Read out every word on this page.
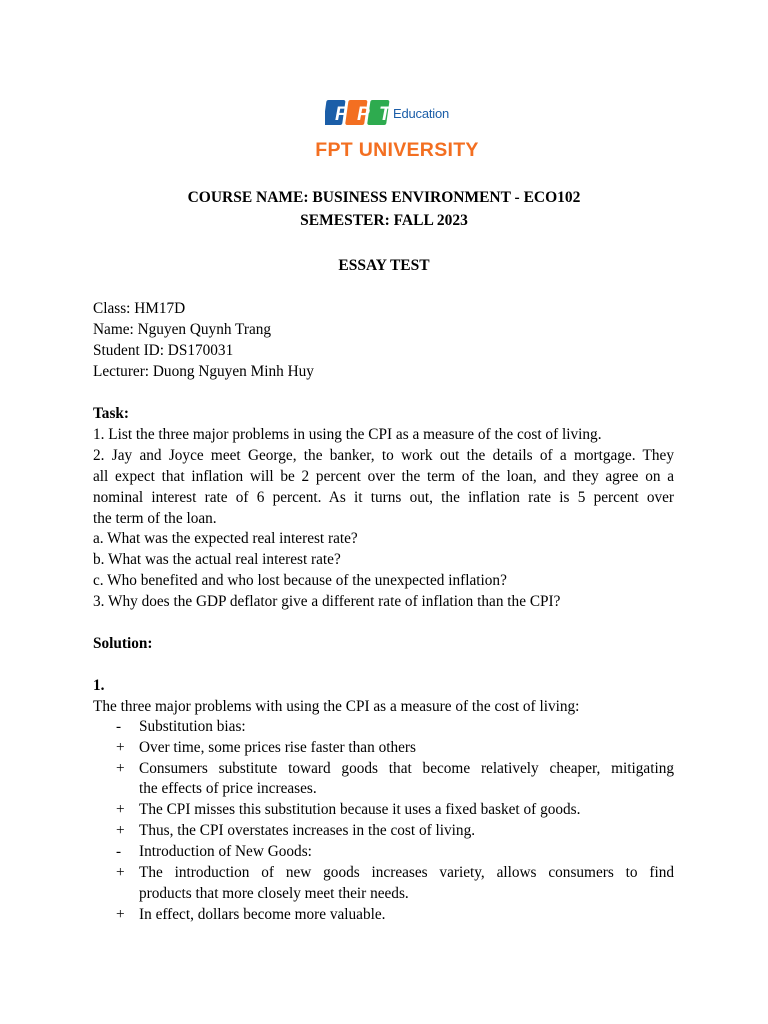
F P T Education
FPT UNIVERSITY
COURSE NAME: BUSINESS ENVIRONMENT - ECO102
SEMESTER: FALL 2023
ESSAY TEST
Class: HM17D
Name: Nguyen Quynh Trang
Student ID: DS170031
Lecturer: Duong Nguyen Minh Huy
Task:
1. List the three major problems in using the CPI as a measure of the cost of living.
2. Jay and Joyce meet George, the banker, to work out the details of a mortgage. They
all expect that inflation will be 2 percent over the term of the loan, and they agree on a
nominal interest rate of 6 percent. As it turns out, the inflation rate is 5 percent over
the term of the loan.
a. What was the expected real interest rate?
b. What was the actual real interest rate?
c. Who benefited and who lost because of the unexpected inflation?
3. Why does the GDP deflator give a different rate of inflation than the CPI?
Solution:
1.
The three major problems with using the CPI as a measure of the cost of living:
- Substitution bias:
+ Over time, some prices rise faster than others
+ Consumers substitute toward goods that become relatively cheaper, mitigating
the effects of price increases.
+ The CPI misses this substitution because it uses a fixed basket of goods.
+ Thus, the CPI overstates increases in the cost of living.
- Introduction of New Goods:
+ The introduction of new goods increases variety, allows consumers to find
products that more closely meet their needs.
+ In effect, dollars become more valuable.
